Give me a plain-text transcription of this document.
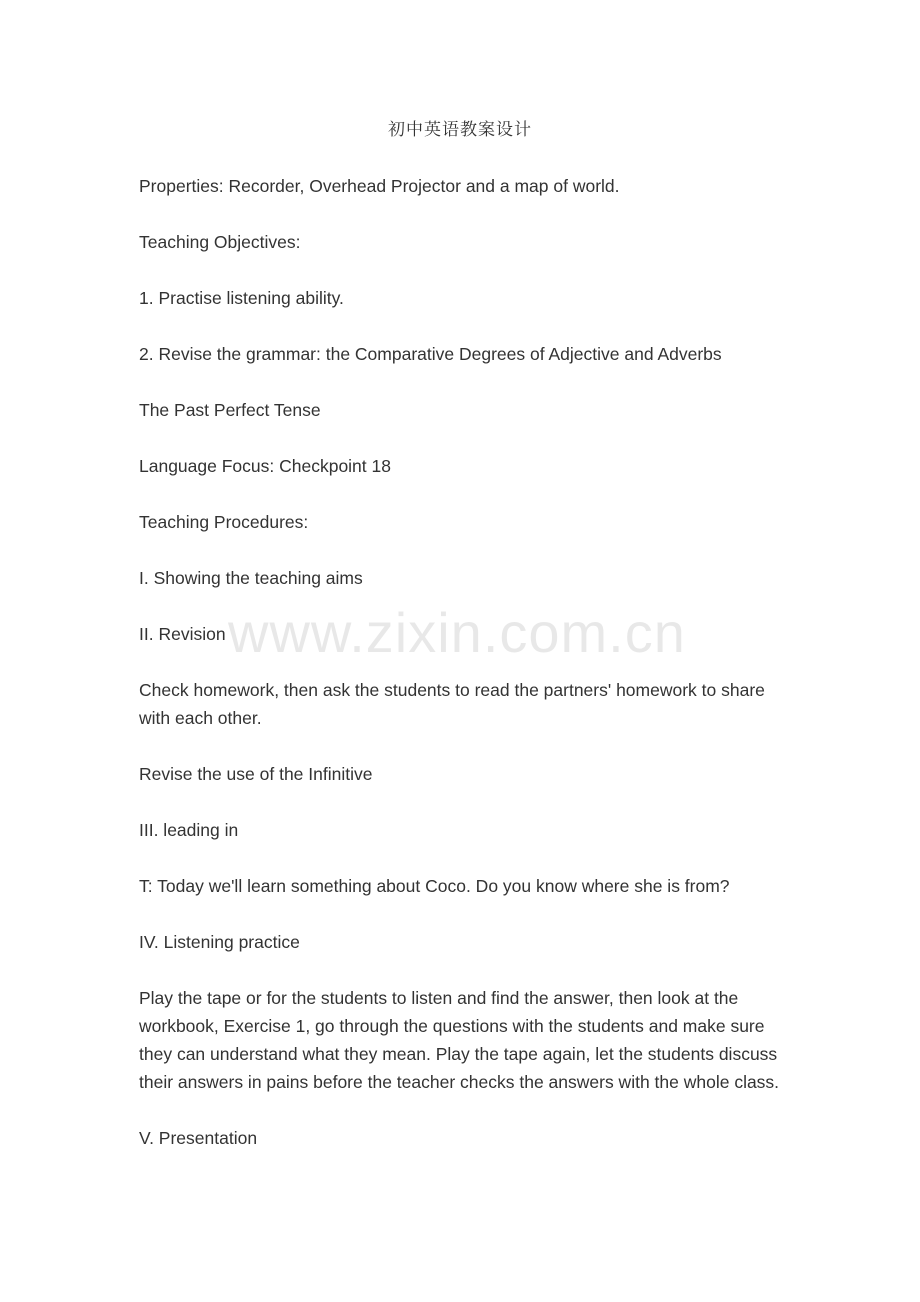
初中英语教案设计

Properties: Recorder, Overhead Projector and a map of world.

Teaching Objectives:

1. Practise listening ability.

2. Revise the grammar: the Comparative Degrees of Adjective and Adverbs

The Past Perfect Tense

Language Focus: Checkpoint 18

Teaching Procedures:

I. Showing the teaching aims

II. Revision

Check homework, then ask the students to read the partners' homework to share with each other.

Revise the use of the Infinitive

III. leading in

T: Today we'll learn something about Coco. Do you know where she is from?

IV. Listening practice

Play the tape or for the students to listen and find the answer, then look at the workbook, Exercise 1, go through the questions with the students and make sure they can understand what they mean. Play the tape again, let the students discuss their answers in pains before the teacher checks the answers with the whole class.

V. Presentation

www.zixin.com.cn
